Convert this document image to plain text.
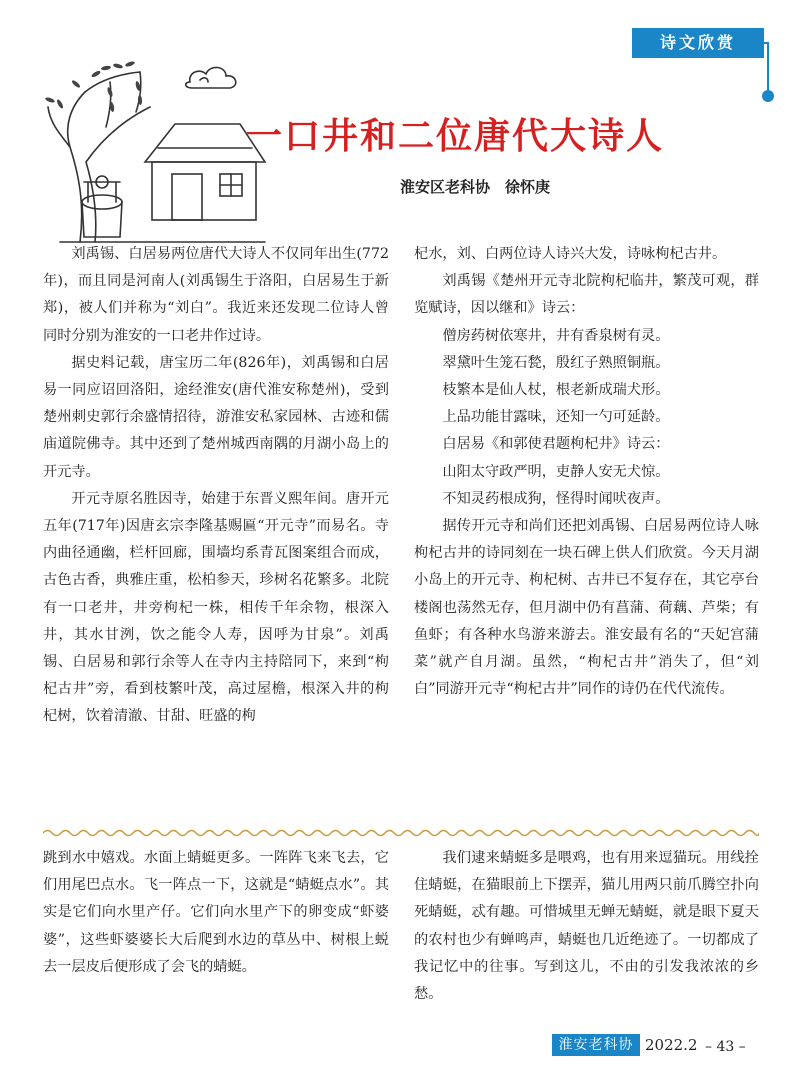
诗文欣赏
一口井和二位唐代大诗人
淮安区老科协　徐怀庚

刘禹锡、白居易两位唐代大诗人不仅同年出生(772年)，而且同是河南人(刘禹锡生于洛阳，白居易生于新郑)，被人们并称为“刘白”。我近来还发现二位诗人曾同时分别为淮安的一口老井作过诗。

据史料记载，唐宝历二年(826年)，刘禹锡和白居易一同应诏回洛阳，途经淮安(唐代淮安称楚州)，受到楚州刺史郭行余盛情招待，游淮安私家园林、古迹和儒庙道院佛寺。其中还到了楚州城西南隅的月湖小岛上的开元寺。

开元寺原名胜因寺，始建于东晋义熙年间。唐开元五年(717年)因唐玄宗李隆基赐匾“开元寺”而易名。寺内曲径通幽，栏杆回廊，围墙均系青瓦图案组合而成，古色古香，典雅庄重，松柏参天，珍树名花繁多。北院有一口老井，井旁枸杞一株，相传千年余物，根深入井，其水甘洌，饮之能令人寿，因呼为甘泉”。刘禹锡、白居易和郭行余等人在寺内主持陪同下，来到“枸杞古井”旁，看到枝繁叶茂，高过屋檐，根深入井的枸杞树，饮着清澈、甘甜、旺盛的枸

杞水，刘、白两位诗人诗兴大发，诗咏枸杞古井。

刘禹锡《楚州开元寺北院枸杞临井，繁茂可观，群览赋诗，因以继和》诗云：

僧房药树依寒井，井有香泉树有灵。

翠黛叶生笼石甃，殷红子熟照铜瓶。

枝繁本是仙人杖，根老新成瑞犬形。

上品功能甘露味，还知一勺可延龄。

白居易《和郭使君题枸杞井》诗云：

山阳太守政严明，吏静人安无犬惊。

不知灵药根成狗，怪得时闻吠夜声。

据传开元寺和尚们还把刘禹锡、白居易两位诗人咏枸杞古井的诗同刻在一块石碑上供人们欣赏。今天月湖小岛上的开元寺、枸杞树、古井已不复存在，其它亭台楼阁也荡然无存，但月湖中仍有菖蒲、荷藕、芦柴；有鱼虾；有各种水鸟游来游去。淮安最有名的“天妃宫蒲菜”就产自月湖。虽然，“枸杞古井”消失了，但“刘白”同游开元寺“枸杞古井”同作的诗仍在代代流传。

跳到水中嬉戏。水面上蜻蜓更多。一阵阵飞来飞去，它们用尾巴点水。飞一阵点一下，这就是“蜻蜓点水”。其实是它们向水里产仔。它们向水里产下的卵变成“虾婆婆”，这些虾婆婆长大后爬到水边的草丛中、树根上蜕去一层皮后便形成了会飞的蜻蜓。

我们逮来蜻蜓多是喂鸡，也有用来逗猫玩。用线拴住蜻蜓，在猫眼前上下摆弄，猫儿用两只前爪腾空扑向死蜻蜓，忒有趣。可惜城里无蝉无蜻蜓，就是眼下夏天的农村也少有蝉鸣声，蜻蜓也几近绝迹了。一切都成了我记忆中的往事。写到这儿，不由的引发我浓浓的乡愁。

淮安老科协 2022.2 – 43 –
